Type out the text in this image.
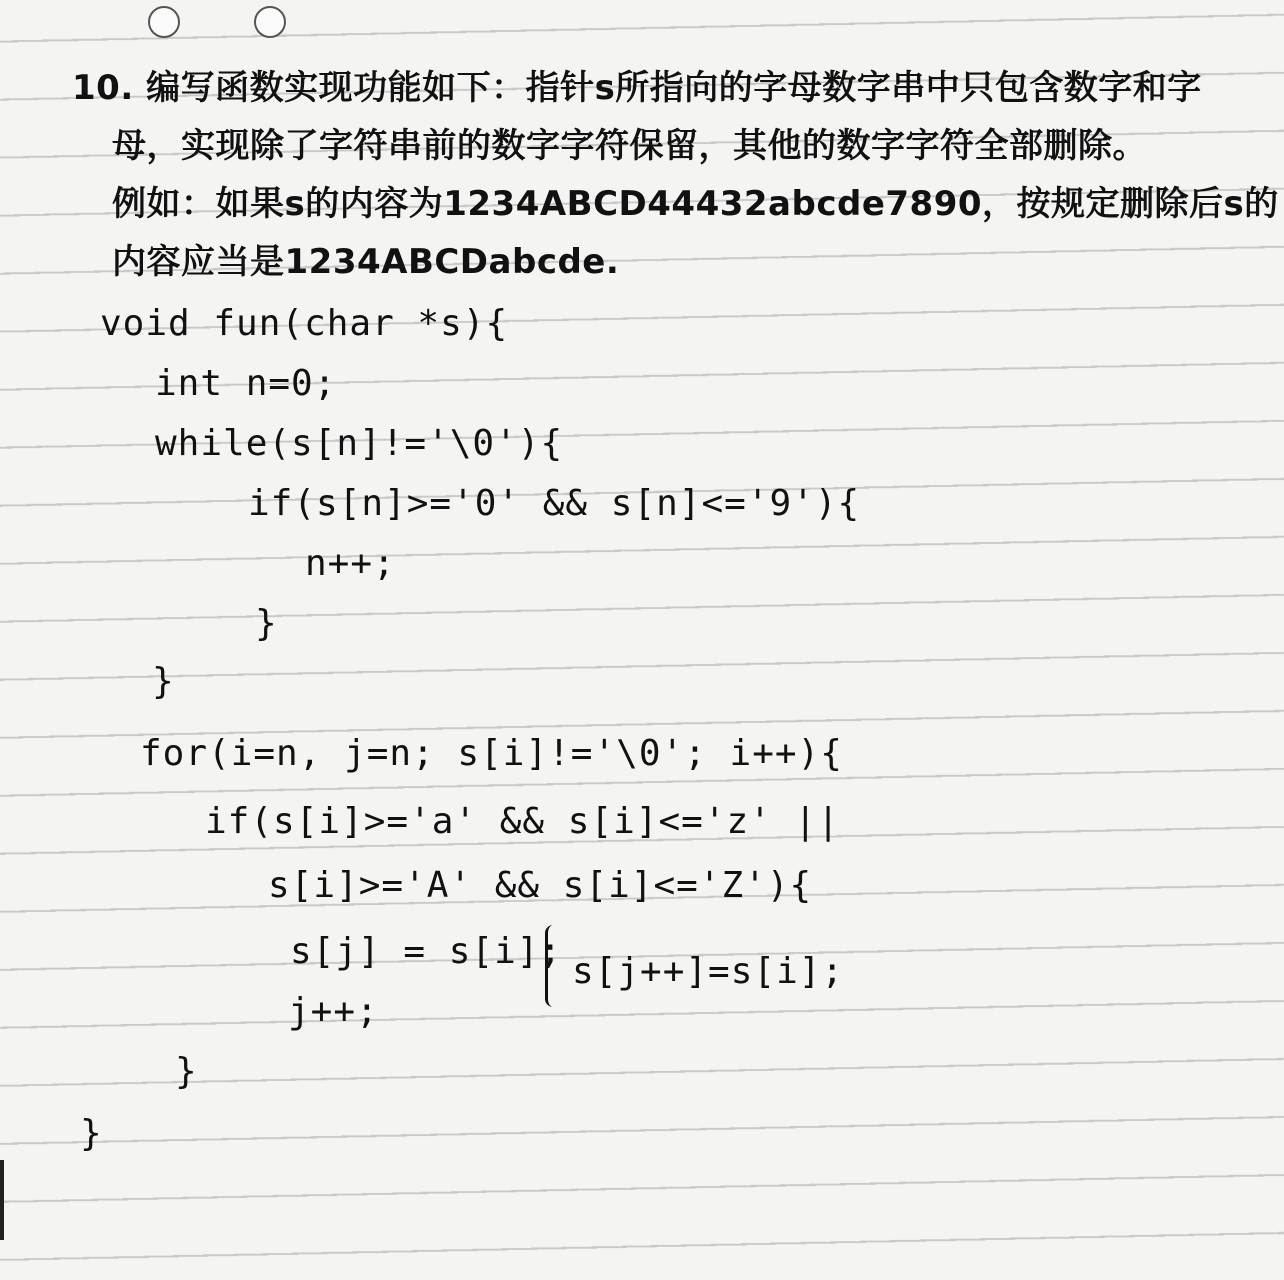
10. 编写函数实现功能如下：指针s所指向的字母数字串中只包含数字和字
母，实现除了字符串前的数字字符保留，其他的数字字符全部删除。
例如：如果s的内容为1234ABCD44432abcde7890，按规定删除后s的
内容应当是1234ABCDabcde.
void fun(char *s){
int n=0;
while(s[n]!='\0'){
if(s[n]>='0' && s[n]<='9'){
n++;
}
}
for(i=n, j=n; s[i]!='\0'; i++){
if(s[i]>='a' && s[i]<='z' ||
s[i]>='A' && s[i]<='Z'){
s[j] = s[i];
j++;
}
}
s[j++]=s[i];
